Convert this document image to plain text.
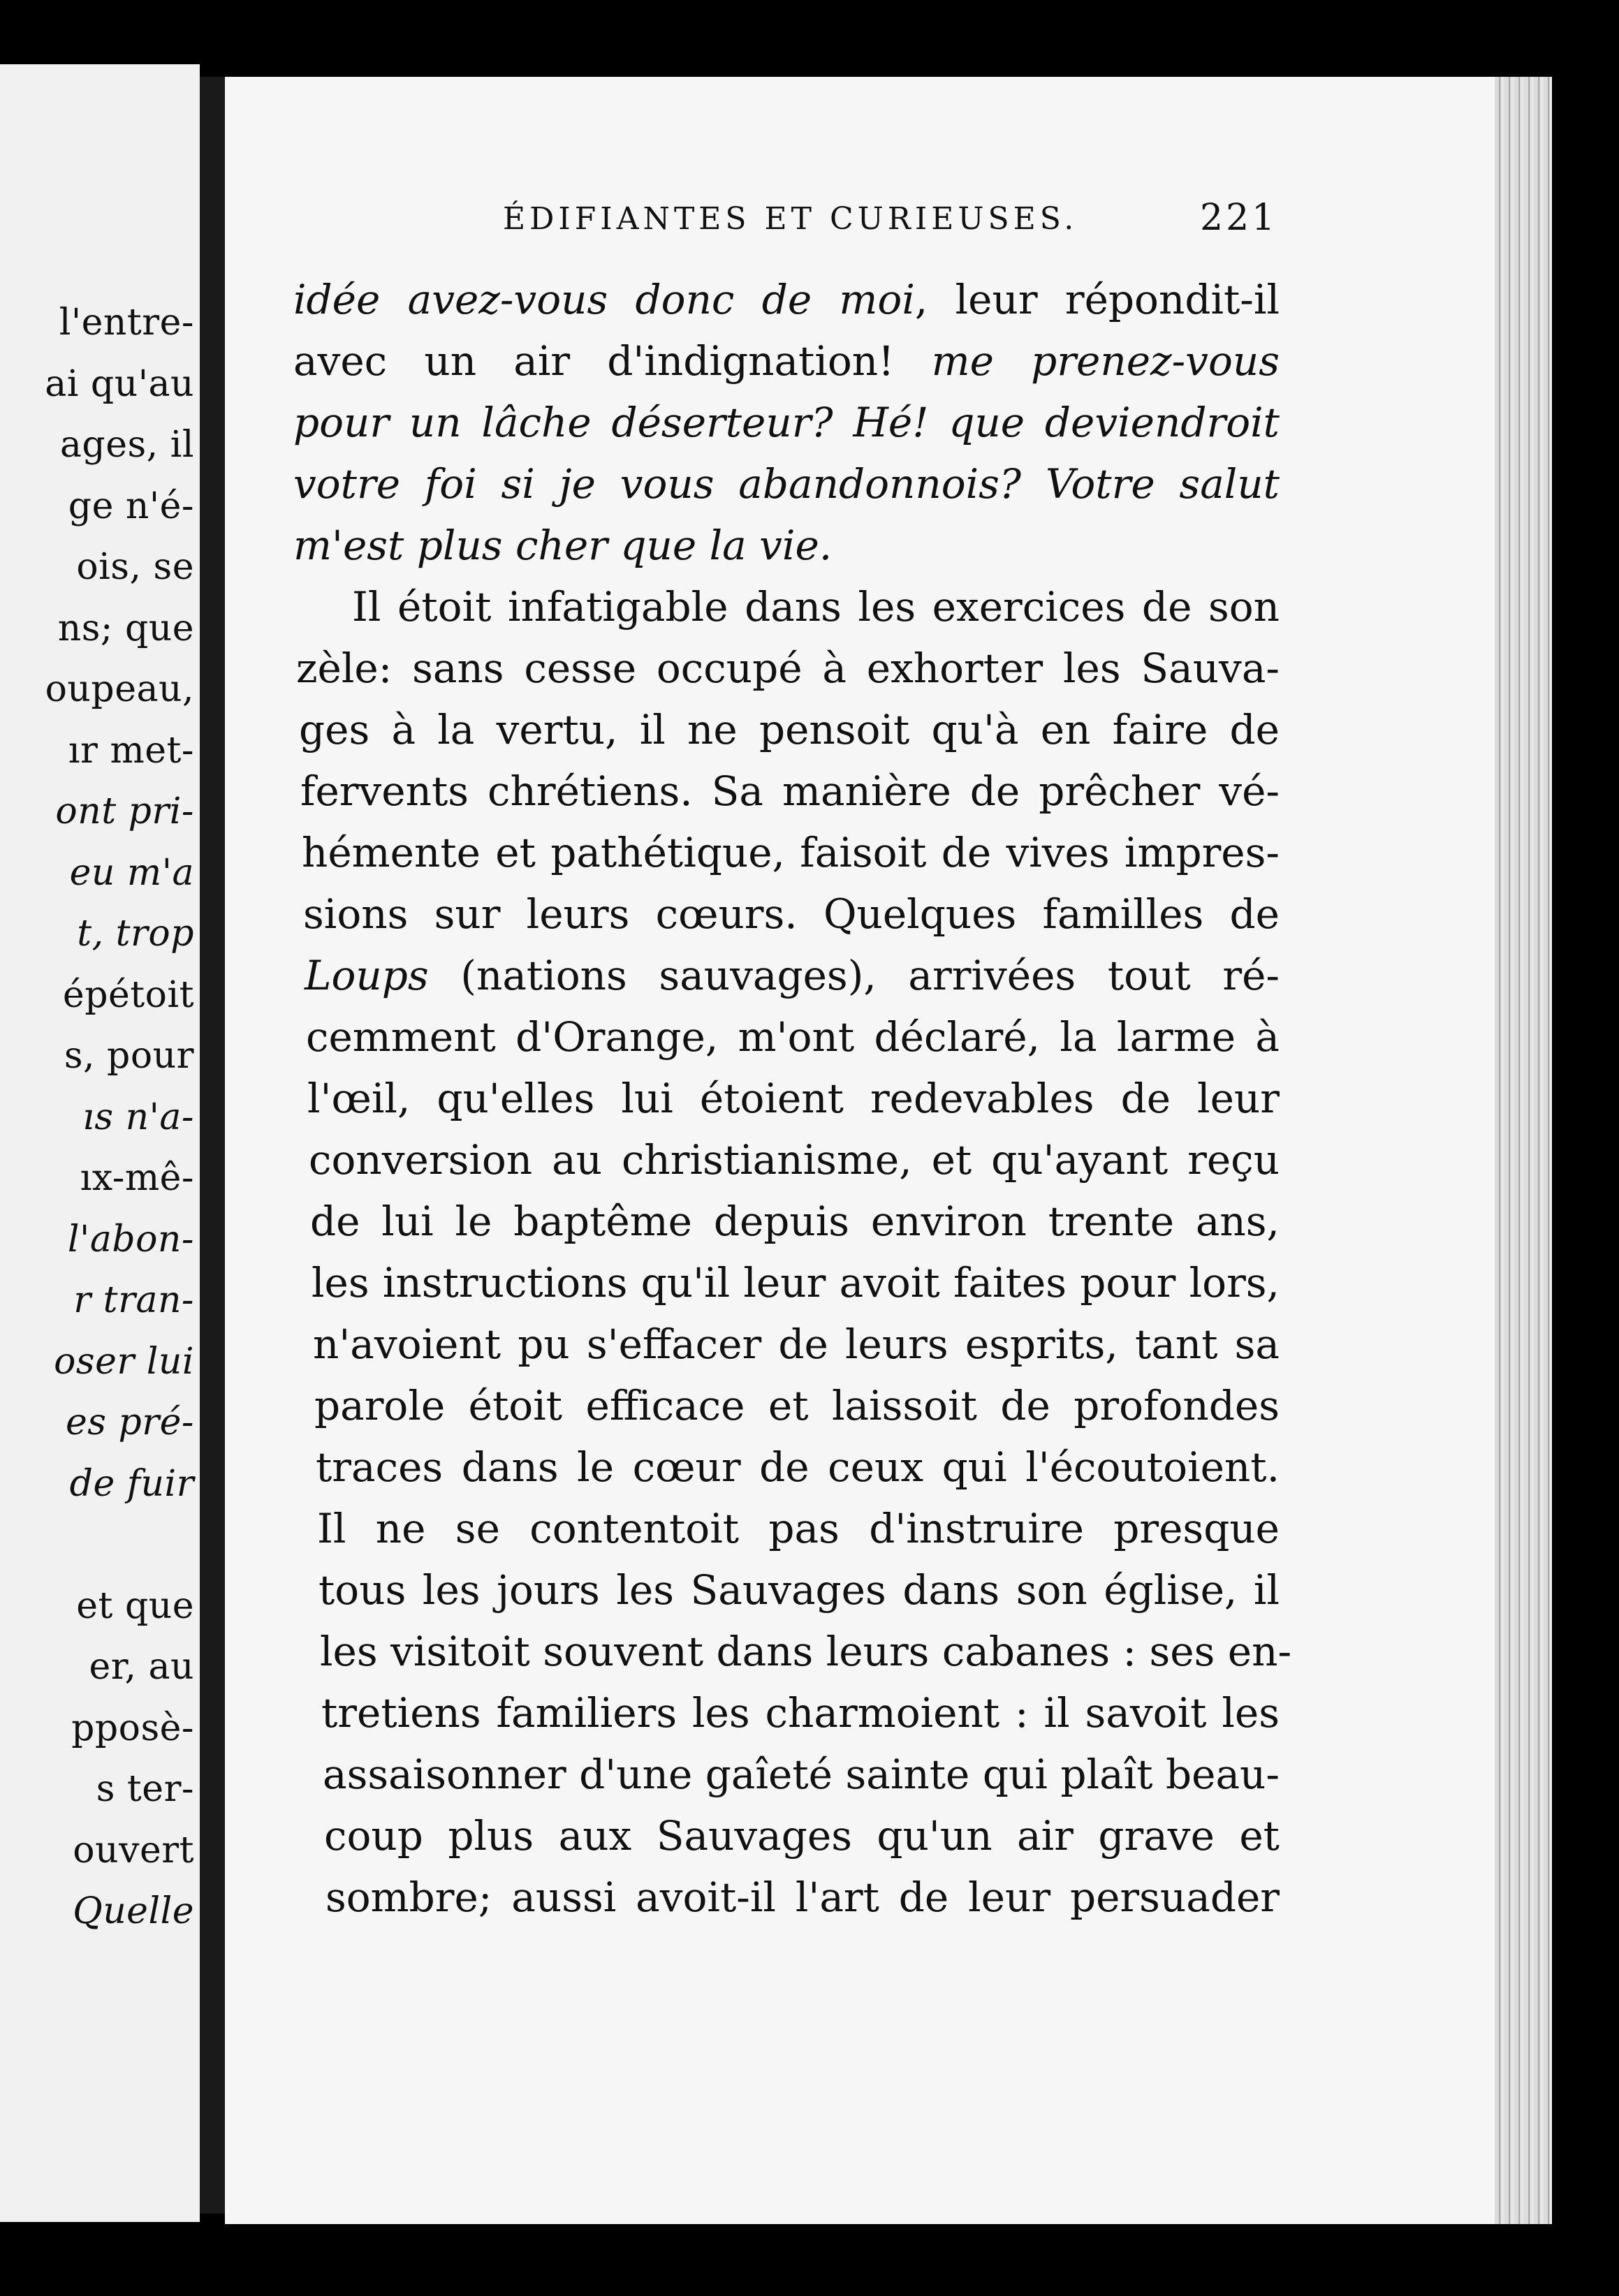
l'entre-
ai qu'au
ages, il
ge n'é-
ois, se
ns; que
oupeau,
ır met-
ont pri-
eu m'a
t, trop
épétoit
s, pour
ıs n'a-
ıx-mê-
l'abon-
r tran-
oser lui
es pré-
de fuir
et que
er, au
pposè-
s ter-
ouvert
Quelle
ÉDIFIANTES ET CURIEUSES.	221
idée avez-vous donc de moi, leur répondit-il
avec un air d'indignation! me prenez-vous
pour un lâche déserteur? Hé! que deviendroit
votre foi si je vous abandonnois? Votre salut
m'est plus cher que la vie.
Il étoit infatigable dans les exercices de son
zèle: sans cesse occupé à exhorter les Sauva-
ges à la vertu, il ne pensoit qu'à en faire de
fervents chrétiens. Sa manière de prêcher vé-
hémente et pathétique, faisoit de vives impres-
sions sur leurs cœurs. Quelques familles de
Loups (nations sauvages), arrivées tout ré-
cemment d'Orange, m'ont déclaré, la larme à
l'œil, qu'elles lui étoient redevables de leur
conversion au christianisme, et qu'ayant reçu
de lui le baptême depuis environ trente ans,
les instructions qu'il leur avoit faites pour lors,
n'avoient pu s'effacer de leurs esprits, tant sa
parole étoit efficace et laissoit de profondes
traces dans le cœur de ceux qui l'écoutoient.
Il ne se contentoit pas d'instruire presque
tous les jours les Sauvages dans son église, il
les visitoit souvent dans leurs cabanes : ses en-
tretiens familiers les charmoient : il savoit les
assaisonner d'une gaîeté sainte qui plaît beau-
coup plus aux Sauvages qu'un air grave et
sombre; aussi avoit-il l'art de leur persuader
